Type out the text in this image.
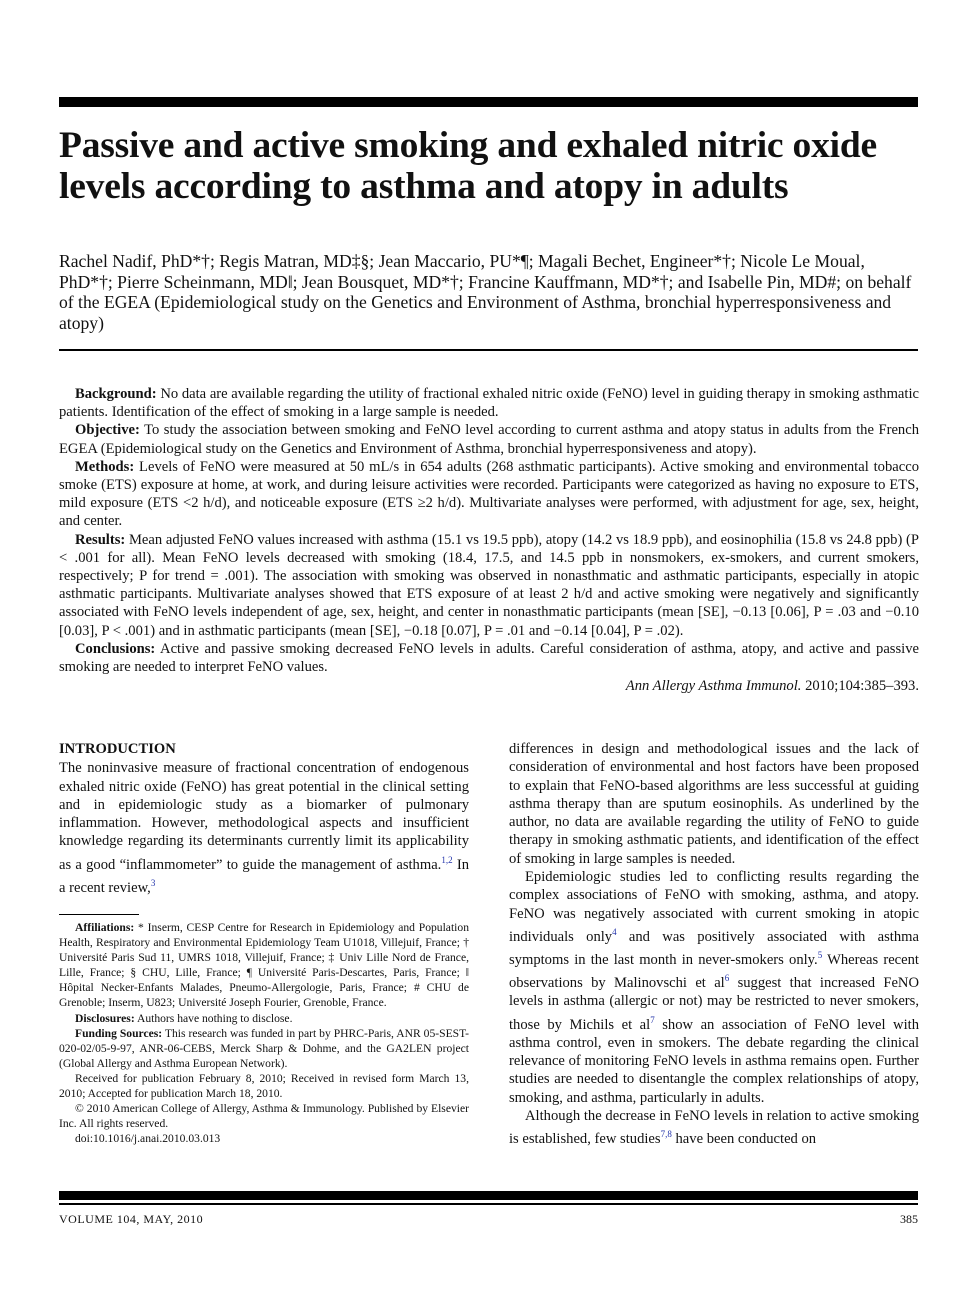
Passive and active smoking and exhaled nitric oxide levels according to asthma and atopy in adults

Rachel Nadif, PhD*†; Regis Matran, MD‡§; Jean Maccario, PU*¶; Magali Bechet, Engineer*†; Nicole Le Moual, PhD*†; Pierre Scheinmann, MD‖; Jean Bousquet, MD*†; Francine Kauffmann, MD*†; and Isabelle Pin, MD#; on behalf of the EGEA (Epidemiological study on the Genetics and Environment of Asthma, bronchial hyperresponsiveness and atopy)

Background: No data are available regarding the utility of fractional exhaled nitric oxide (FeNO) level in guiding therapy in smoking asthmatic patients. Identification of the effect of smoking in a large sample is needed.

Objective: To study the association between smoking and FeNO level according to current asthma and atopy status in adults from the French EGEA (Epidemiological study on the Genetics and Environment of Asthma, bronchial hyperresponsiveness and atopy).

Methods: Levels of FeNO were measured at 50 mL/s in 654 adults (268 asthmatic participants). Active smoking and environmental tobacco smoke (ETS) exposure at home, at work, and during leisure activities were recorded. Participants were categorized as having no exposure to ETS, mild exposure (ETS <2 h/d), and noticeable exposure (ETS ≥2 h/d). Multivariate analyses were performed, with adjustment for age, sex, height, and center.

Results: Mean adjusted FeNO values increased with asthma (15.1 vs 19.5 ppb), atopy (14.2 vs 18.9 ppb), and eosinophilia (15.8 vs 24.8 ppb) (P < .001 for all). Mean FeNO levels decreased with smoking (18.4, 17.5, and 14.5 ppb in nonsmokers, ex-smokers, and current smokers, respectively; P for trend = .001). The association with smoking was observed in nonasthmatic and asthmatic participants, especially in atopic asthmatic participants. Multivariate analyses showed that ETS exposure of at least 2 h/d and active smoking were negatively and significantly associated with FeNO levels independent of age, sex, height, and center in nonasthmatic participants (mean [SE], −0.13 [0.06], P = .03 and −0.10 [0.03], P < .001) and in asthmatic participants (mean [SE], −0.18 [0.07], P = .01 and −0.14 [0.04], P = .02).

Conclusions: Active and passive smoking decreased FeNO levels in adults. Careful consideration of asthma, atopy, and active and passive smoking are needed to interpret FeNO values.

Ann Allergy Asthma Immunol. 2010;104:385–393.
INTRODUCTION

The noninvasive measure of fractional concentration of endogenous exhaled nitric oxide (FeNO) has great potential in the clinical setting and in epidemiologic study as a biomarker of pulmonary inflammation. However, methodological aspects and insufficient knowledge regarding its determinants currently limit its applicability as a good “inflammometer” to guide the management of asthma.$^{1,2}$ In a recent review,$^3$

Affiliations: * Inserm, CESP Centre for Research in Epidemiology and Population Health, Respiratory and Environmental Epidemiology Team U1018, Villejuif, France; † Université Paris Sud 11, UMRS 1018, Villejuif, France; ‡ Univ Lille Nord de France, Lille, France; § CHU, Lille, France; ¶ Université Paris-Descartes, Paris, France; ‖ Hôpital Necker-Enfants Malades, Pneumo-Allergologie, Paris, France; # CHU de Grenoble; Inserm, U823; Université Joseph Fourier, Grenoble, France.

Disclosures: Authors have nothing to disclose.

Funding Sources: This research was funded in part by PHRC-Paris, ANR 05-SEST-020-02/05-9-97, ANR-06-CEBS, Merck Sharp & Dohme, and the GA2LEN project (Global Allergy and Asthma European Network).

Received for publication February 8, 2010; Received in revised form March 13, 2010; Accepted for publication March 18, 2010.

© 2010 American College of Allergy, Asthma & Immunology. Published by Elsevier Inc. All rights reserved.

doi:10.1016/j.anai.2010.03.013

differences in design and methodological issues and the lack of consideration of environmental and host factors have been proposed to explain that FeNO-based algorithms are less successful at guiding asthma therapy than are sputum eosinophils. As underlined by the author, no data are available regarding the utility of FeNO to guide therapy in smoking asthmatic patients, and identification of the effect of smoking in large samples is needed.

Epidemiologic studies led to conflicting results regarding the complex associations of FeNO with smoking, asthma, and atopy. FeNO was negatively associated with current smoking in atopic individuals only$^4$ and was positively associated with asthma symptoms in the last month in never-smokers only.$^5$ Whereas recent observations by Malinovschi et $al^6$ suggest that increased FeNO levels in asthma (allergic or not) may be restricted to never smokers, those by Michils et $al^7$ show an association of FeNO level with asthma control, even in smokers. The debate regarding the clinical relevance of monitoring FeNO levels in asthma remains open. Further studies are needed to disentangle the complex relationships of atopy, smoking, and asthma, particularly in adults.

Although the decrease in FeNO levels in relation to active smoking is established, few studies$^{7,8}$ have been conducted on

VOLUME 104, MAY, 2010	385
